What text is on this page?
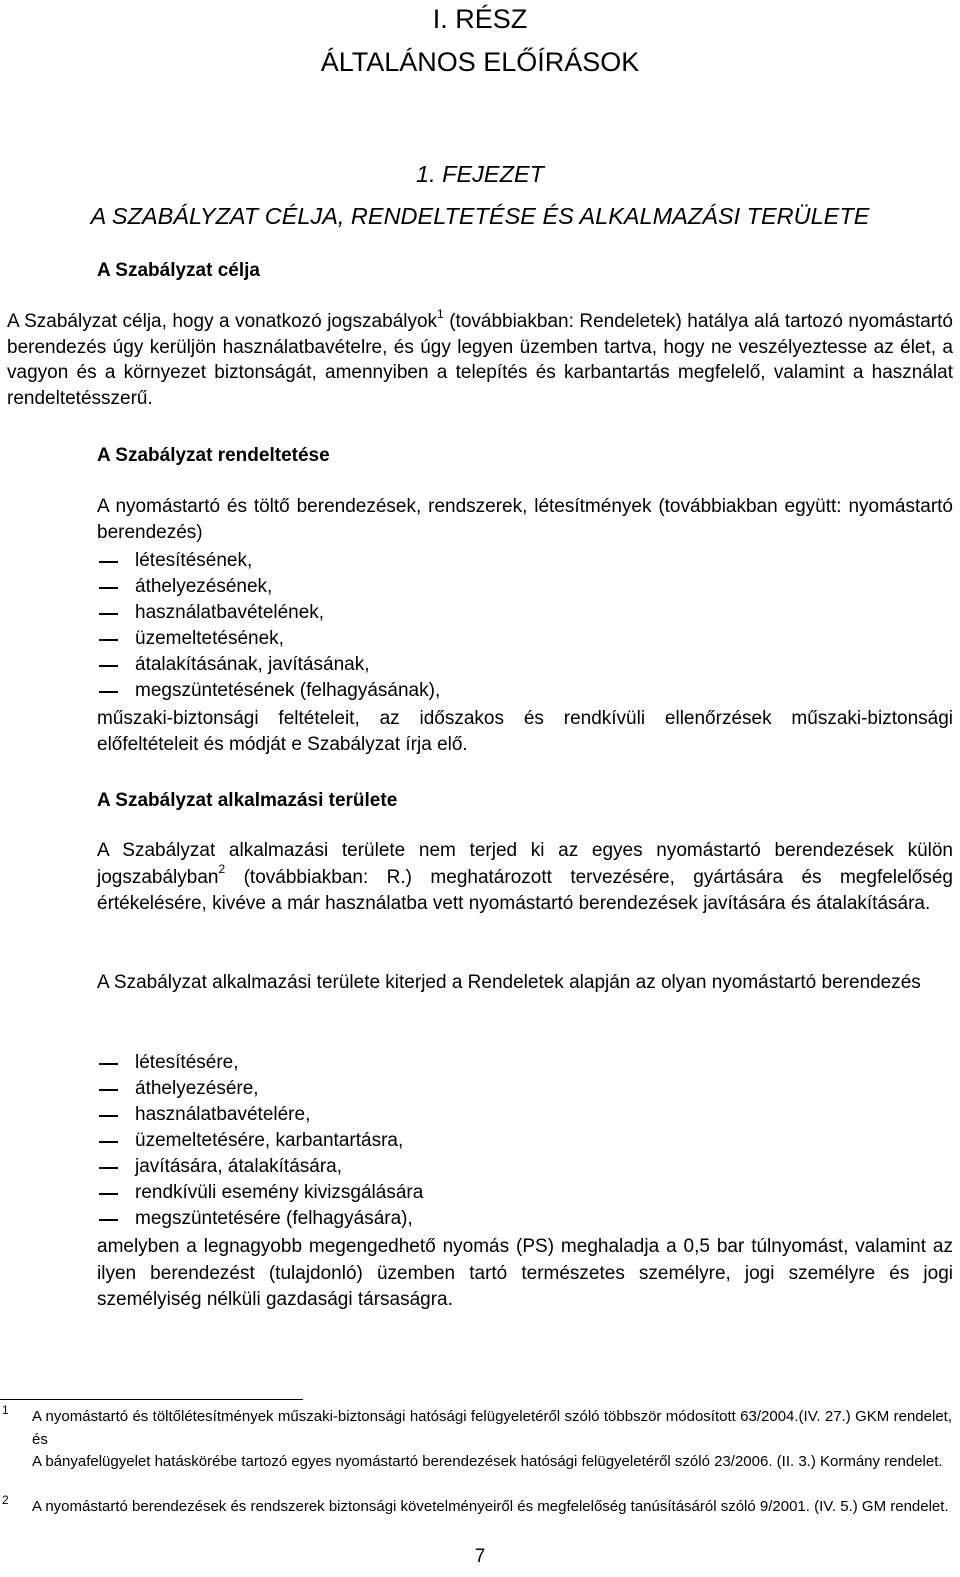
I. RÉSZ
ÁLTALÁNOS ELŐÍRÁSOK
1. FEJEZET
A SZABÁLYZAT CÉLJA, RENDELTETÉSE ÉS ALKALMAZÁSI TERÜLETE
A Szabályzat célja
A Szabályzat célja, hogy a vonatkozó jogszabályok$^1$ (továbbiakban: Rendeletek) hatálya alá tartozó nyomástartó berendezés úgy kerüljön használatbavételre, és úgy legyen üzemben tartva, hogy ne veszélyeztesse az élet, a vagyon és a környezet biztonságát, amennyiben a telepítés és karbantartás megfelelő, valamint a használat rendeltetésszerű.
A Szabályzat rendeltetése
A nyomástartó és töltő berendezések, rendszerek, létesítmények (továbbiakban együtt: nyomástartó berendezés)
létesítésének,
áthelyezésének,
használatbavételének,
üzemeltetésének,
átalakításának, javításának,
megszüntetésének (felhagyásának),
műszaki-biztonsági feltételeit, az időszakos és rendkívüli ellenőrzések műszaki-biztonsági előfeltételeit és módját e Szabályzat írja elő.
A Szabályzat alkalmazási területe
A Szabályzat alkalmazási területe nem terjed ki az egyes nyomástartó berendezések külön jogszabályban$^2$ (továbbiakban: R.) meghatározott tervezésére, gyártására és megfelelőség értékelésére, kivéve a már használatba vett nyomástartó berendezések javítására és átalakítására.
A Szabályzat alkalmazási területe kiterjed a Rendeletek alapján az olyan nyomástartó berendezés
létesítésére,
áthelyezésére,
használatbavételére,
üzemeltetésére, karbantartásra,
javítására, átalakítására,
rendkívüli esemény kivizsgálására
megszüntetésére (felhagyására),
amelyben a legnagyobb megengedhető nyomás (PS) meghaladja a 0,5 bar túlnyomást, valamint az ilyen berendezést (tulajdonló) üzemben tartó természetes személyre, jogi személyre és jogi személyiség nélküli gazdasági társaságra.
1 A nyomástartó és töltőlétesítmények műszaki-biztonsági hatósági felügyeletéről szóló többször módosított 63/2004.(IV. 27.) GKM rendelet, és
A bányafelügyelet hatáskörébe tartozó egyes nyomástartó berendezések hatósági felügyeletéről szóló 23/2006. (II. 3.) Kormány rendelet.
2 A nyomástartó berendezések és rendszerek biztonsági követelményeiről és megfelelőség tanúsításáról szóló 9/2001. (IV. 5.) GM rendelet.
7
